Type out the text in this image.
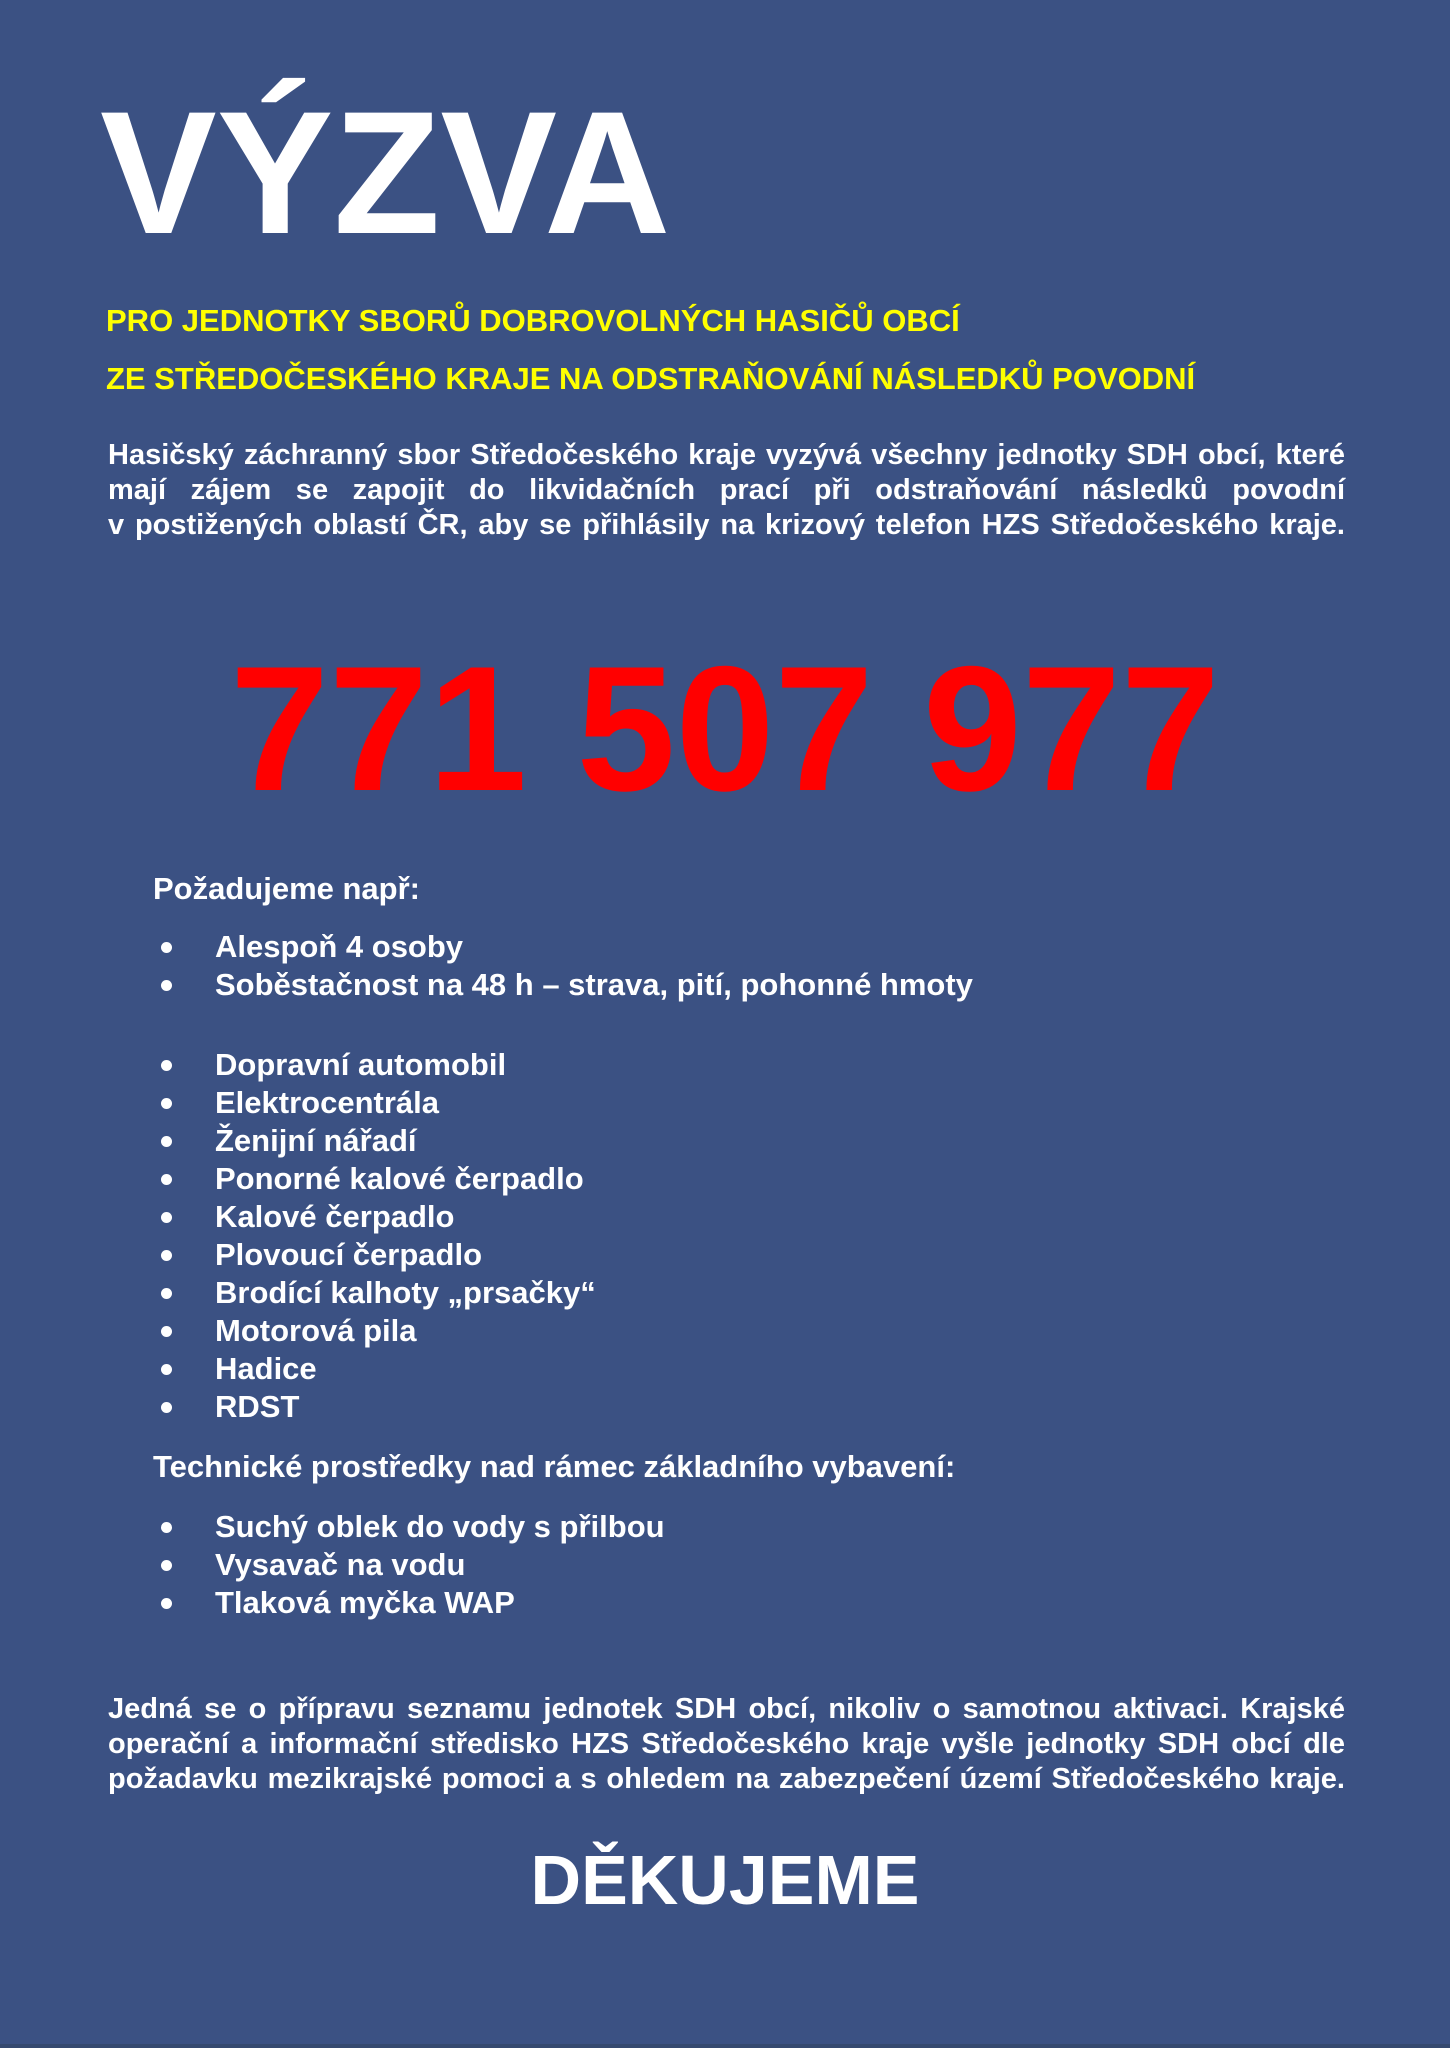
VÝZVA
PRO JEDNOTKY SBORŮ DOBROVOLNÝCH HASIČŮ OBCÍ
ZE STŘEDOČESKÉHO KRAJE NA ODSTRAŇOVÁNÍ NÁSLEDKŮ POVODNÍ
Hasičský záchranný sbor Středočeského kraje vyzývá všechny jednotky SDH obcí, které
mají zájem se zapojit do likvidačních prací při odstraňování následků povodní
v postižených oblastí ČR, aby se přihlásily na krizový telefon HZS Středočeského kraje.
771 507 977
Požadujeme např:
Alespoň 4 osoby
Soběstačnost na 48 h – strava, pití, pohonné hmoty
Dopravní automobil
Elektrocentrála
Ženijní nářadí
Ponorné kalové čerpadlo
Kalové čerpadlo
Plovoucí čerpadlo
Brodící kalhoty „prsačky“
Motorová pila
Hadice
RDST
Technické prostředky nad rámec základního vybavení:
Suchý oblek do vody s přilbou
Vysavač na vodu
Tlaková myčka WAP
Jedná se o přípravu seznamu jednotek SDH obcí, nikoliv o samotnou aktivaci. Krajské
operační a informační středisko HZS Středočeského kraje vyšle jednotky SDH obcí dle
požadavku mezikrajské pomoci a s ohledem na zabezpečení území Středočeského kraje.
DĚKUJEME
